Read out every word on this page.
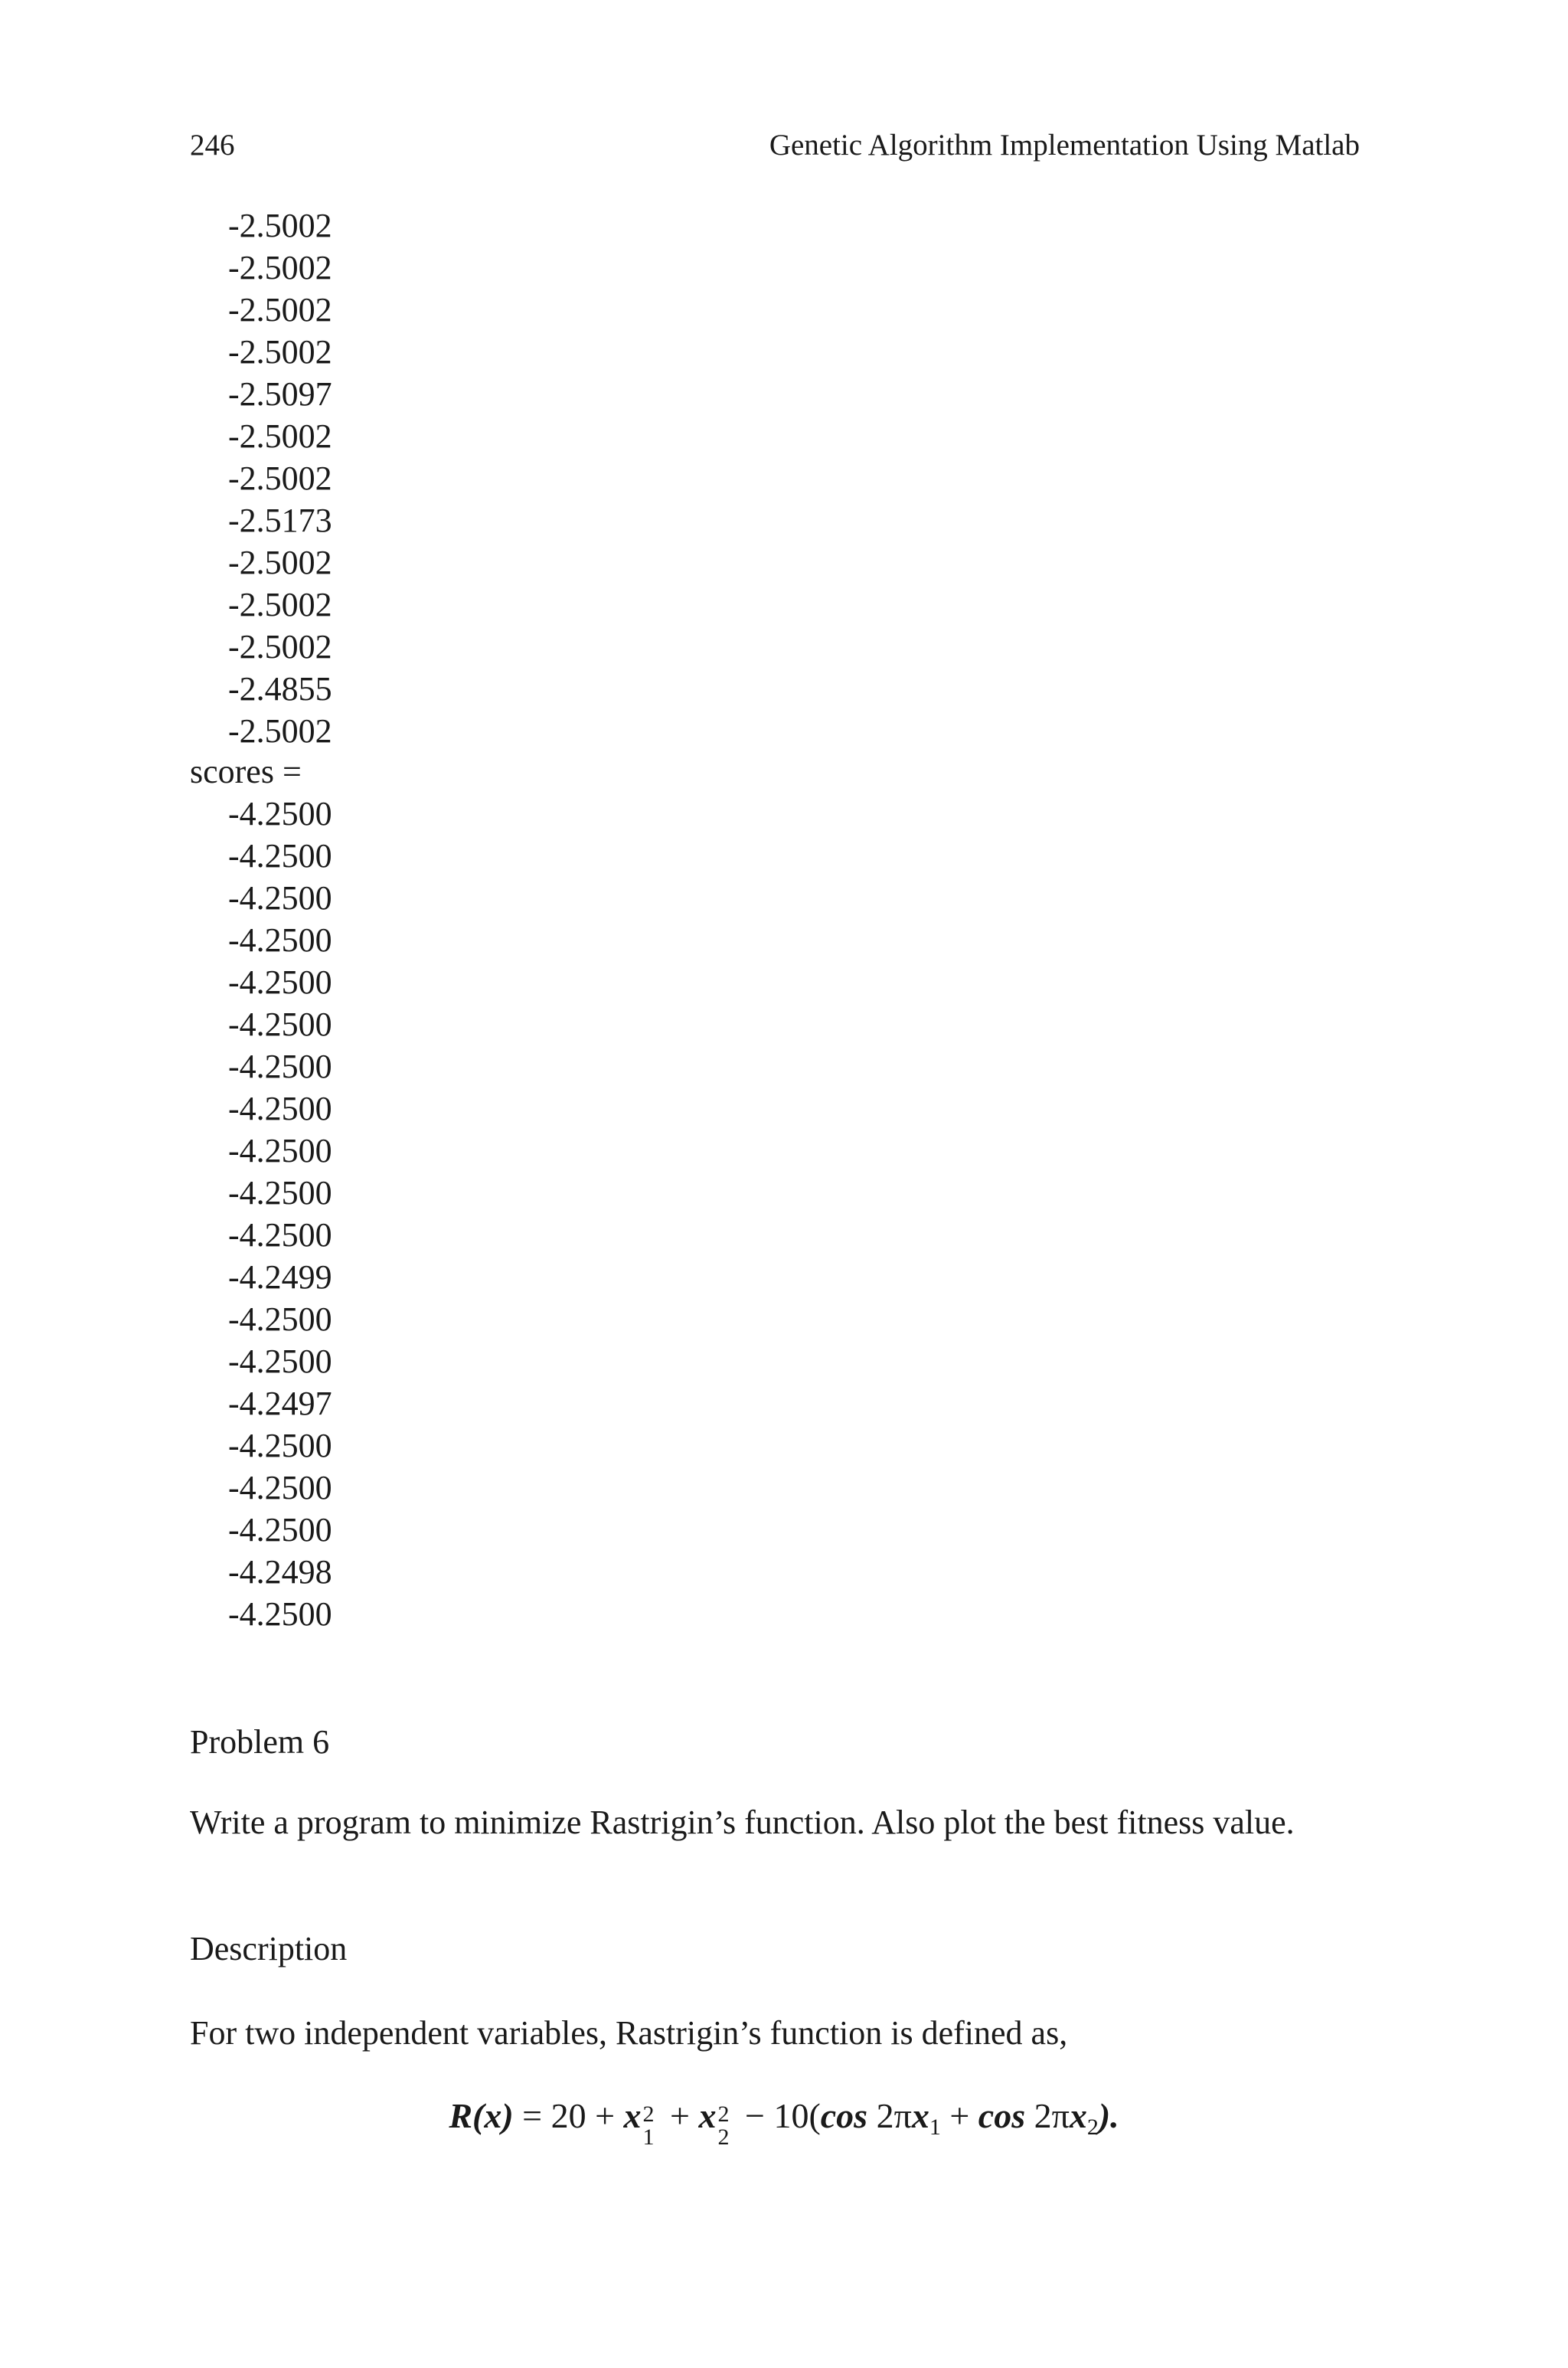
246	Genetic Algorithm Implementation Using Matlab
-2.5002
-2.5002
-2.5002
-2.5002
-2.5097
-2.5002
-2.5002
-2.5173
-2.5002
-2.5002
-2.5002
-2.4855
-2.5002
scores =
-4.2500
-4.2500
-4.2500
-4.2500
-4.2500
-4.2500
-4.2500
-4.2500
-4.2500
-4.2500
-4.2500
-4.2499
-4.2500
-4.2500
-4.2497
-4.2500
-4.2500
-4.2500
-4.2498
-4.2500
Problem 6
Write a program to minimize Rastrigin’s function. Also plot the best fitness value.
Description
For two independent variables, Rastrigin’s function is defined as,
R(x) = 20 + x 2
1
+ x 2
2
− 10(cos 2πx1 + cos 2πx2).
